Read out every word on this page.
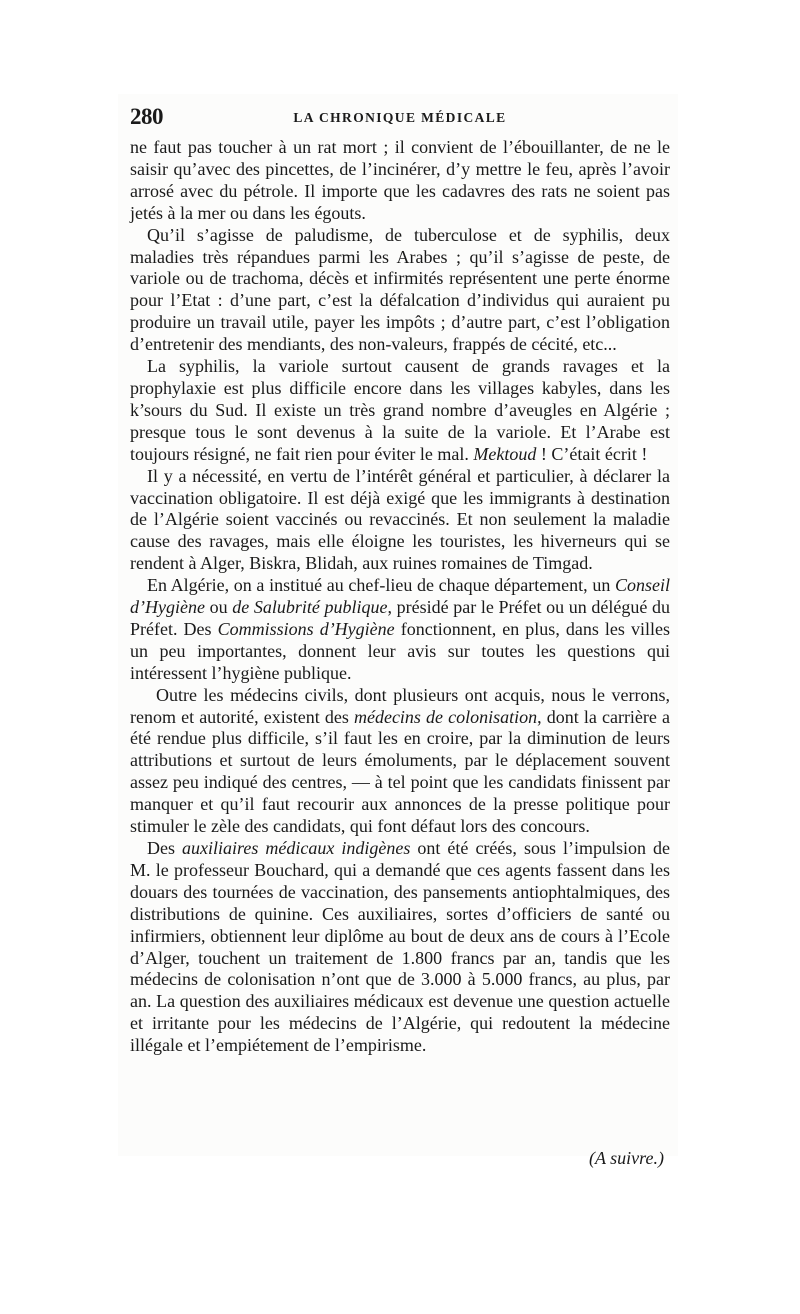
280	LA CHRONIQUE MÉDICALE

ne faut pas toucher à un rat mort ; il convient de l’ébouillanter, de ne le saisir qu’avec des pincettes, de l’incinérer, d’y mettre le feu, après l’avoir arrosé avec du pétrole. Il importe que les cadavres des rats ne soient pas jetés à la mer ou dans les égouts.

Qu’il s’agisse de paludisme, de tuberculose et de syphilis, deux maladies très répandues parmi les Arabes ; qu’il s’agisse de peste, de variole ou de trachoma, décès et infirmités représentent une perte énorme pour l’Etat : d’une part, c’est la défalcation d’individus qui auraient pu produire un travail utile, payer les impôts ; d’autre part, c’est l’obligation d’entretenir des mendiants, des non-valeurs, frappés de cécité, etc...

La syphilis, la variole surtout causent de grands ravages et la prophylaxie est plus difficile encore dans les villages kabyles, dans les k’sours du Sud. Il existe un très grand nombre d’aveugles en Algérie ; presque tous le sont devenus à la suite de la variole. Et l’Arabe est toujours résigné, ne fait rien pour éviter le mal. Mektoud ! C’était écrit !

Il y a nécessité, en vertu de l’intérêt général et particulier, à déclarer la vaccination obligatoire. Il est déjà exigé que les immigrants à destination de l’Algérie soient vaccinés ou revaccinés. Et non seulement la maladie cause des ravages, mais elle éloigne les touristes, les hiverneurs qui se rendent à Alger, Biskra, Blidah, aux ruines romaines de Timgad.

En Algérie, on a institué au chef-lieu de chaque département, un Conseil d’Hygiène ou de Salubrité publique, présidé par le Préfet ou un délégué du Préfet. Des Commissions d’Hygiène fonctionnent, en plus, dans les villes un peu importantes, donnent leur avis sur toutes les questions qui intéressent l’hygiène publique.

Outre les médecins civils, dont plusieurs ont acquis, nous le verrons, renom et autorité, existent des médecins de colonisation, dont la carrière a été rendue plus difficile, s’il faut les en croire, par la diminution de leurs attributions et surtout de leurs émoluments, par le déplacement souvent assez peu indiqué des centres, — à tel point que les candidats finissent par manquer et qu’il faut recourir aux annonces de la presse politique pour stimuler le zèle des candidats, qui font défaut lors des concours.

Des auxiliaires médicaux indigènes ont été créés, sous l’impulsion de M. le professeur Bouchard, qui a demandé que ces agents fassent dans les douars des tournées de vaccination, des pansements antiophtalmiques, des distributions de quinine. Ces auxiliaires, sortes d’officiers de santé ou infirmiers, obtiennent leur diplôme au bout de deux ans de cours à l’Ecole d’Alger, touchent un traitement de 1.800 francs par an, tandis que les médecins de colonisation n’ont que de 3.000 à 5.000 francs, au plus, par an. La question des auxiliaires médicaux est devenue une question actuelle et irritante pour les médecins de l’Algérie, qui redoutent la médecine illégale et l’empiétement de l’empirisme.

(A suivre.)
